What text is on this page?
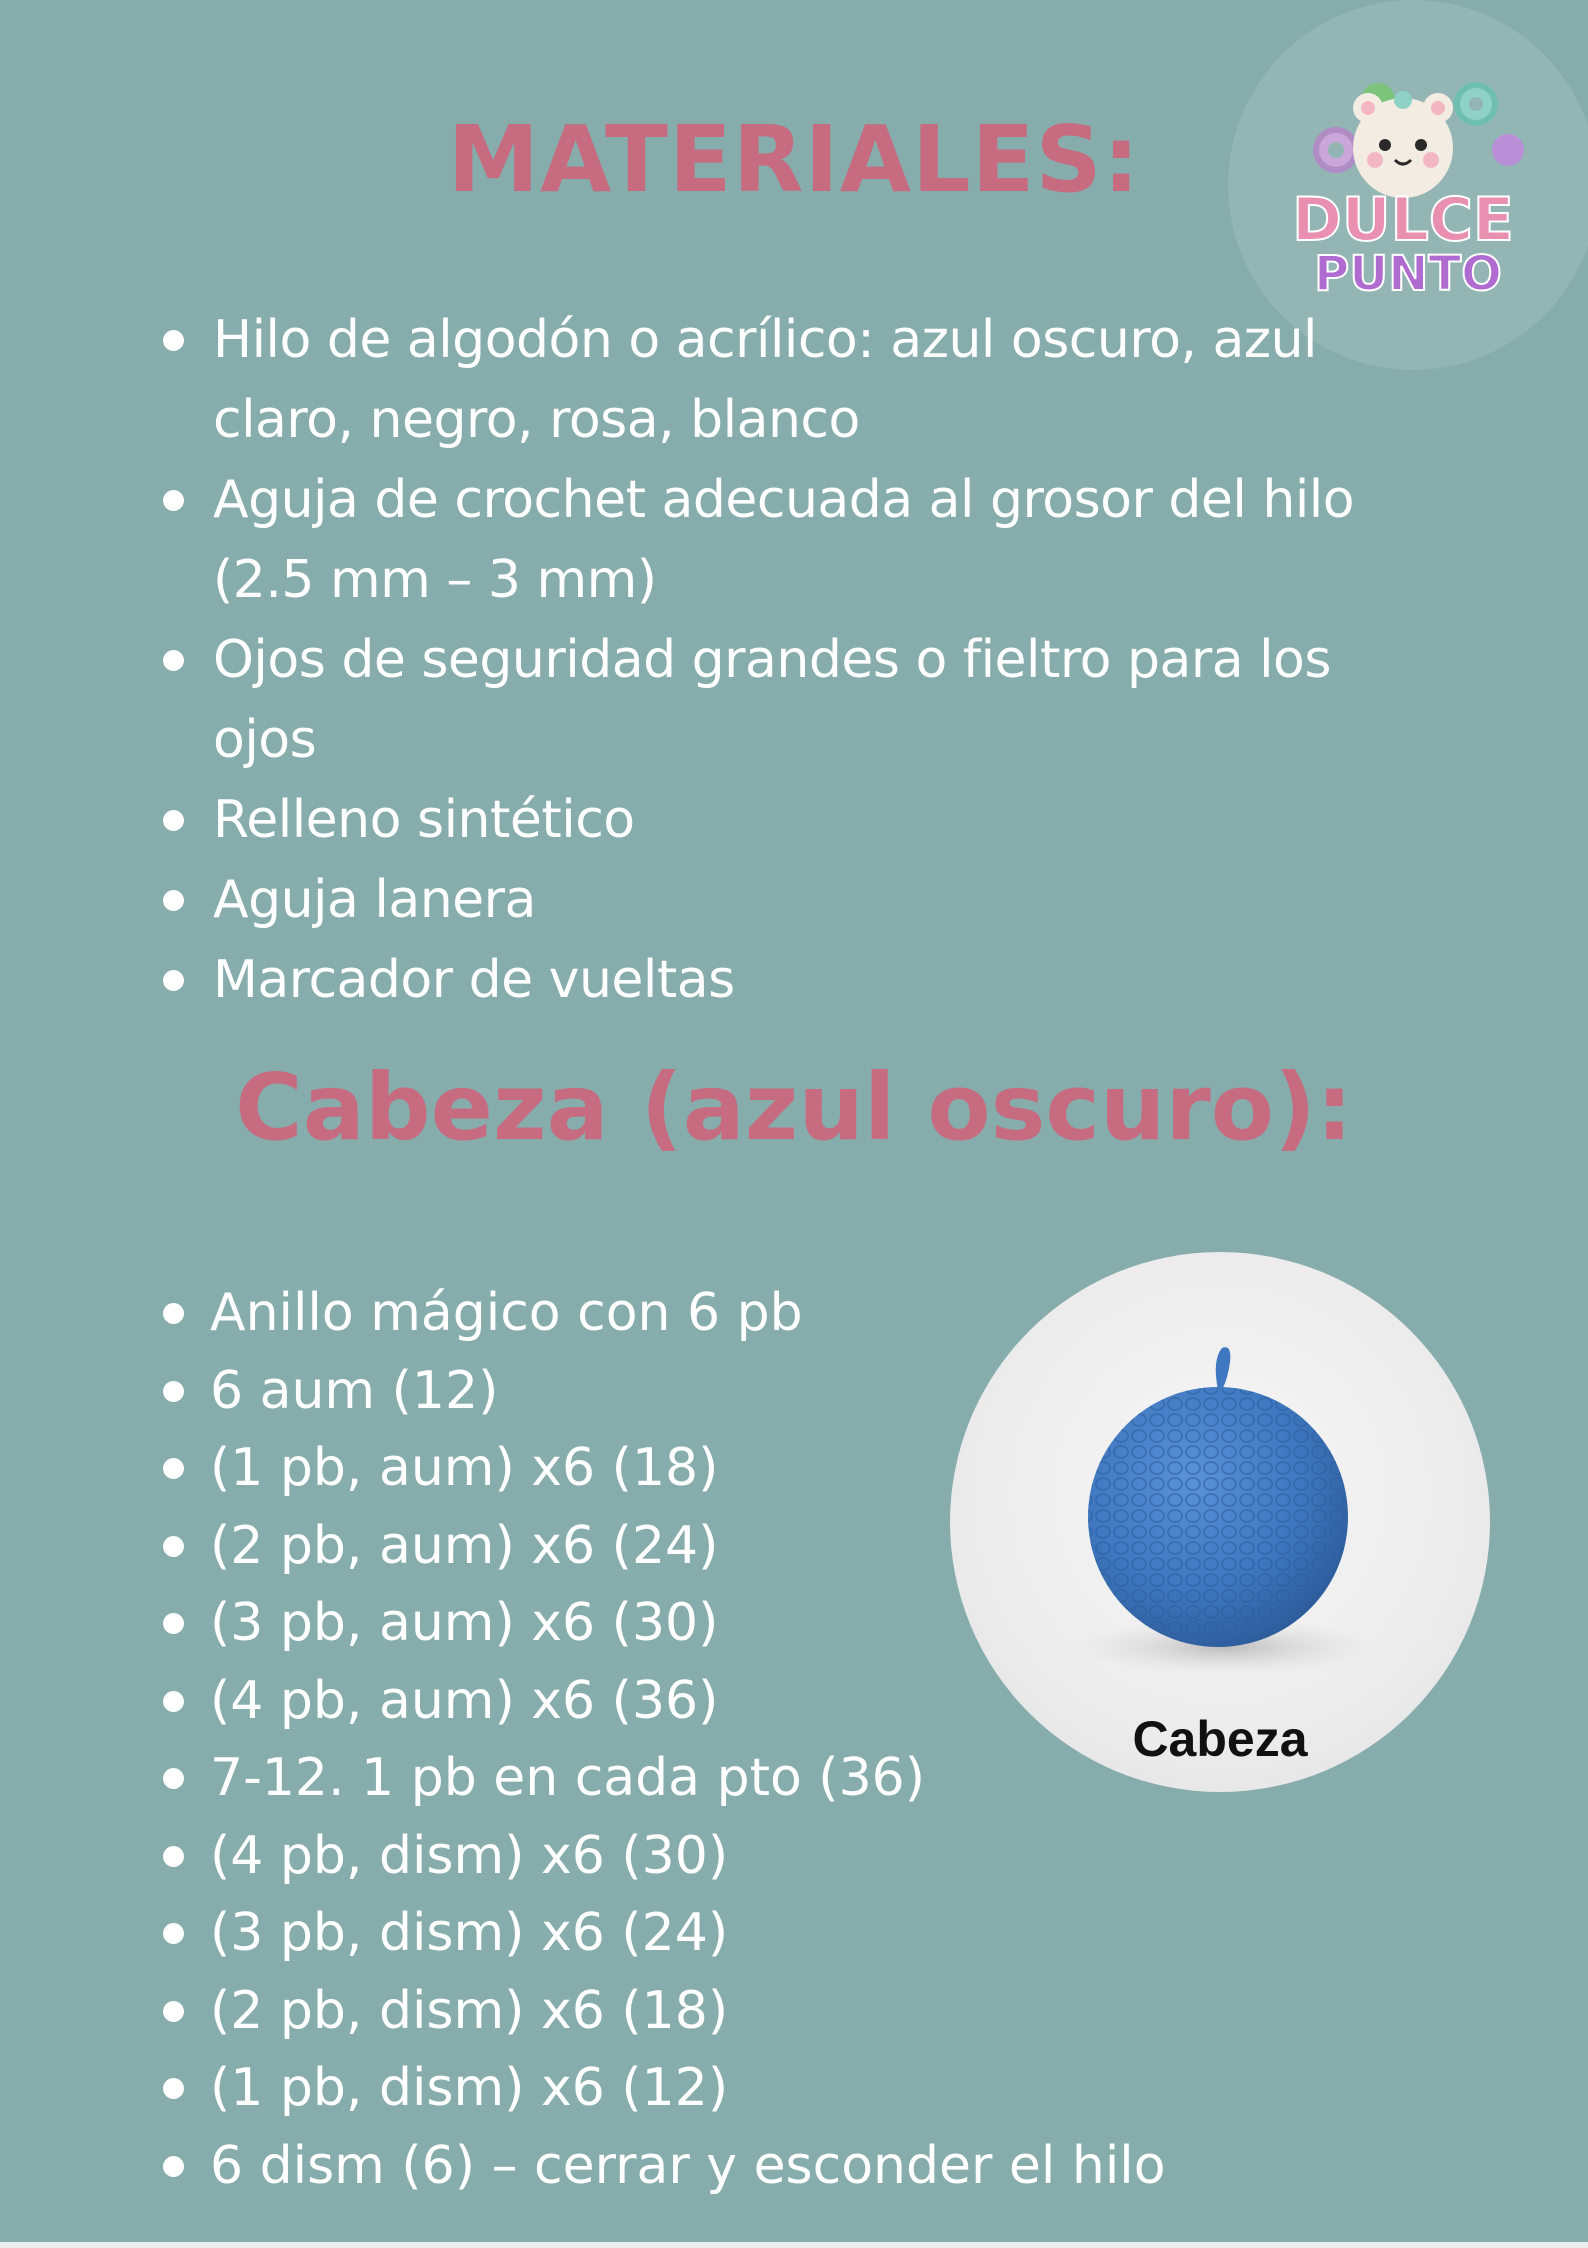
DULCE
PUNTO
MATERIALES:
Hilo de algodón o acrílico: azul oscuro, azul claro, negro, rosa, blanco
Aguja de crochet adecuada al grosor del hilo (2.5 mm – 3 mm)
Ojos de seguridad grandes o fieltro para los ojos
Relleno sintético
Aguja lanera
Marcador de vueltas
Cabeza (azul oscuro):
Anillo mágico con 6 pb
6 aum (12)
(1 pb, aum) x6 (18)
(2 pb, aum) x6 (24)
(3 pb, aum) x6 (30)
(4 pb, aum) x6 (36)
7-12. 1 pb en cada pto (36)
(4 pb, dism) x6 (30)
(3 pb, dism) x6 (24)
(2 pb, dism) x6 (18)
(1 pb, dism) x6 (12)
6 dism (6) – cerrar y esconder el hilo
Cabeza
